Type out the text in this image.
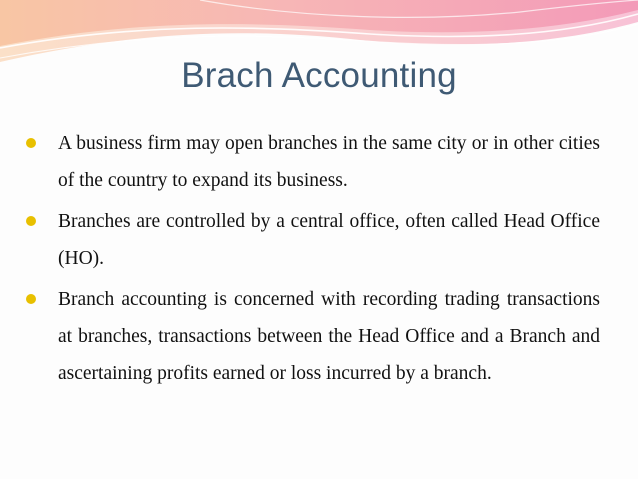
Brach Accounting
A business firm may open branches in the same city or in other cities of the country to expand its business.
Branches are controlled by a central office, often called Head Office (HO).
Branch accounting is concerned with recording trading transactions at branches, transactions between the Head Office and a Branch and ascertaining profits earned or loss incurred by a branch.
